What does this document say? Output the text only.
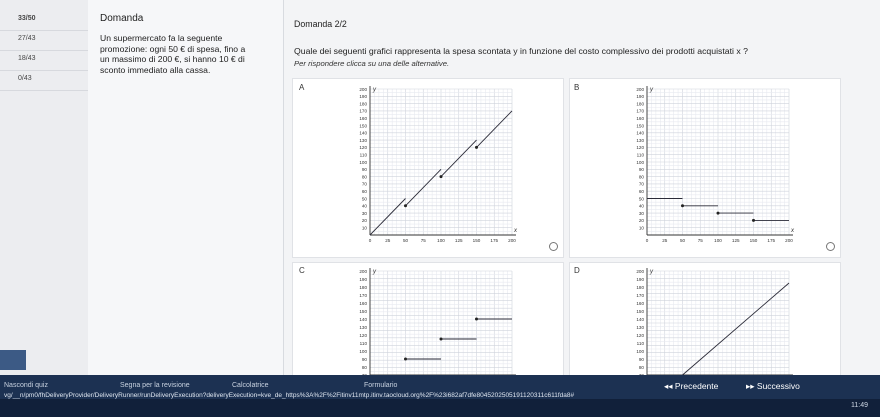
33/50
27/43
18/43
0/43
Domanda
Un supermercato fa la seguente
promozione: ogni 50 € di spesa, fino a
un massimo di 200 €, si hanno 10 € di
sconto immediato alla cassa.
Domanda 2/2
Quale dei seguenti grafici rappresenta la spesa scontata y in funzione del costo complessivo dei prodotti acquistati x ?
Per rispondere clicca su una delle alternative.
A
10
20
30
40
50
60
70
80
90
100
110
120
130
140
150
160
170
180
190
200
0	25	50	75 100 125 150 175 200
y
x
B
10
20
30
40
50
60
70
80
90
100
110
120
130
140
150
160
170
180
190
200
0	25	50	75 100 125 150 175 200
y
x
C
80
90
100
110
120
130
140
150
160
170
180
190
200 y	D
80
90
100
110
120
130
140
150
160
170
180
190
200 y
Nascondi quiz	Segna per la revisione	Calcolatrice	Formulario
vg/__n/pm0/fhDeliveryProvider/DeliveryRunner/runDeliveryExecution?deliveryExecution=kve_de_https%3A%2F%2Fitinv11mtp.itinv.taocloud.org%2F%23i682af7dfe8045202505191120311c611fda8#
◂◂ Precedente	▸▸ Successivo
11:49
